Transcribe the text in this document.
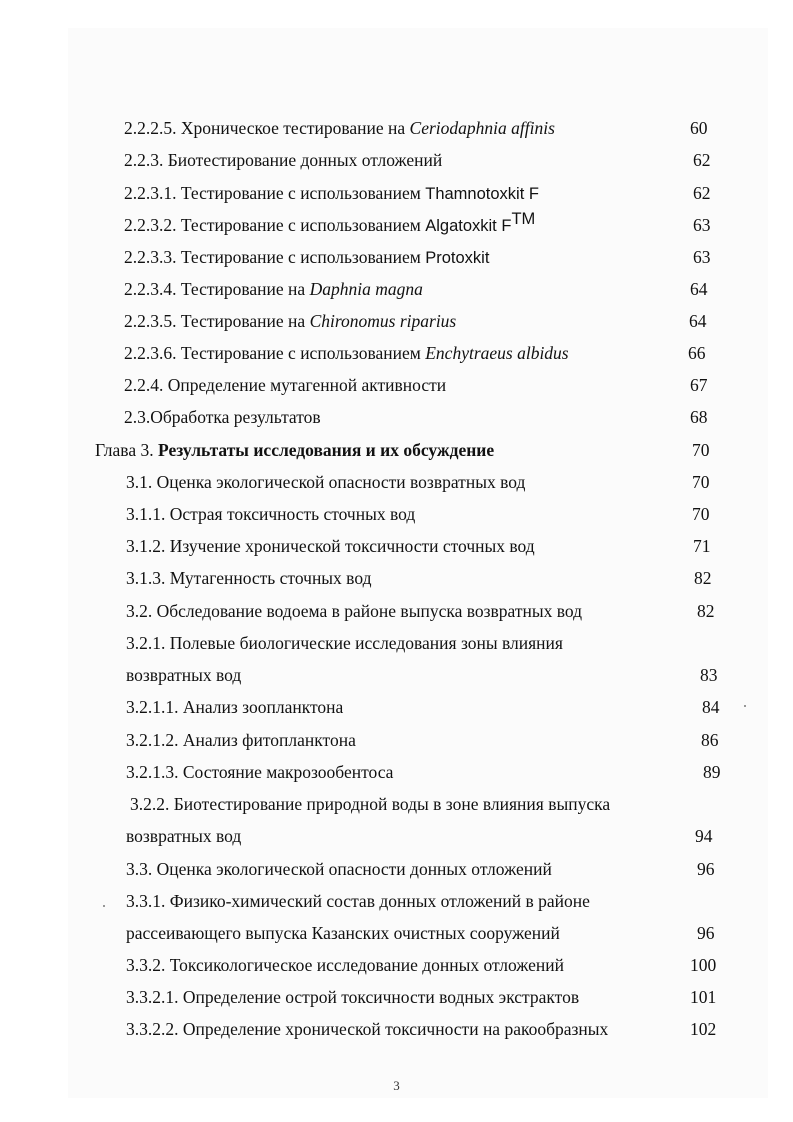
2.2.2.5. Хроническое тестирование на Ceriodaphnia affinis	60
2.2.3. Биотестирование донных отложений	62
2.2.3.1. Тестирование с использованием Thamnotoxkit F	62
2.2.3.2. Тестирование с использованием Algatoxkit F™	63
2.2.3.3. Тестирование с использованием Protoxkit	63
2.2.3.4. Тестирование на Daphnia magna	64
2.2.3.5. Тестирование на Chironomus riparius	64
2.2.3.6. Тестирование с использованием Enchytraeus albidus	66
2.2.4. Определение мутагенной активности	67
2.3.Обработка результатов	68
Глава 3. Результаты исследования и их обсуждение	70
3.1. Оценка экологической опасности возвратных вод	70
3.1.1. Острая токсичность сточных вод	70
3.1.2. Изучение хронической токсичности сточных вод	71
3.1.3. Мутагенность сточных вод	82
3.2. Обследование водоема в районе выпуска возвратных вод	82
3.2.1. Полевые биологические исследования зоны влияния
возвратных вод	83
3.2.1.1. Анализ зоопланктона	84
3.2.1.2. Анализ фитопланктона	86
3.2.1.3. Состояние макрозообентоса	89
3.2.2. Биотестирование природной воды в зоне влияния выпуска
возвратных вод	94
3.3. Оценка экологической опасности донных отложений	96
3.3.1. Физико-химический состав донных отложений в районе
рассеивающего выпуска Казанских очистных сооружений	96
3.3.2. Токсикологическое исследование донных отложений	100
3.3.2.1. Определение острой токсичности водных экстрактов	101
3.3.2.2. Определение хронической токсичности на ракообразных	102
3
